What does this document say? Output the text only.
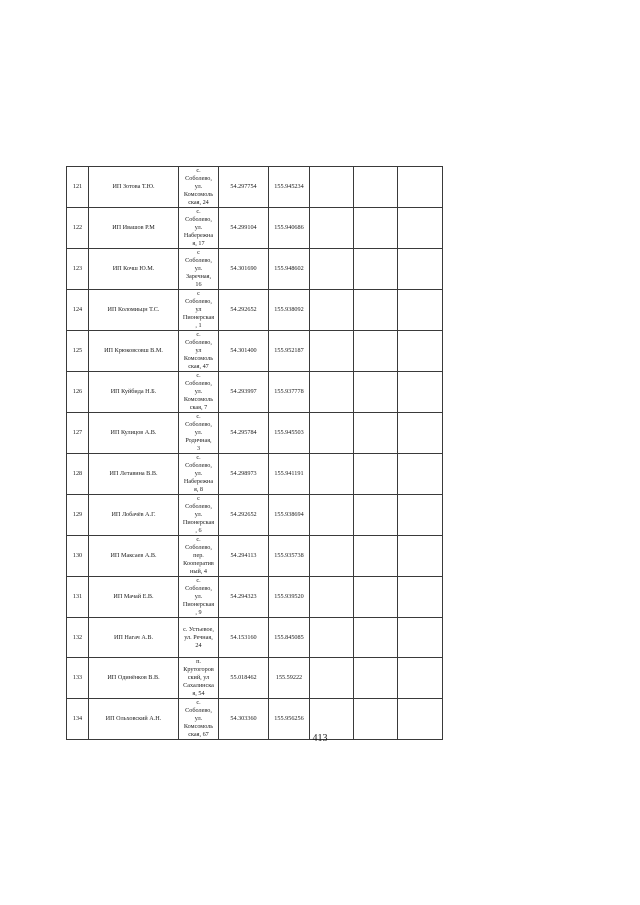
121	ИП Зотова Т.Ю.	с.
Соболево,
ул.
Комсомоль
ская, 24	54.297754	155.945234			
122	ИП Ивашов Р.М	с.
Соболево,
ул.
Набережна
я, 17	54.299104	155.940686			
123	ИП Кочш Ю.М.	с
Соболево,
ул.
Заречная,
16	54.301690	155.948602			
124	ИП Коломиьцн Т.С.	с
Соболево,
ул
Пионерская
, 1	54.292652	155.938092			
125	ИП Крюковсовш В.М.	с.
Соболево,
ул
Комсомоль
ская, 47	54.301400	155.952187			
126	ИП Куйбида Н.Б.	с.
Соболево,
ул.
Комсомоль
ская, 7	54.293997	155.937778			
127	ИП Кулицов А.В.	с.
Соболево,
ул.
Роднчная,
3	54.295784	155.945503			
128	ИП Летавина В.В.	с.
Соболево,
ул.
Набережна
я, 8	54.298973	155.941191			
129	ИП Лобачёв А.Г.	с
Соболево,
ул.
Пионерская
, 6	54.292652	155.938694			
130	ИП Максаев А.В.	с.
Соболево,
пер.
Кооператив
ный, 4	54.294113	155.935738			
131	ИП Мачай Е.В.	с.
Соболево,
ул.
Пионерская
, 9	54.294323	155.939520			
132	ИП Нагач А.В.	с. Устьевое,
ул. Речная,
24	54.153160	155.845085			
133	ИП Одинёнков В.В.	п.
Крутогоров
ский, ул
Сахалинска
я, 54	55.018462	155.59222			
134	ИП Ольховский А.Н.	с.
Соболево,
ул.
Комсомоль
ская, 67	54.303360	155.956256			
413
